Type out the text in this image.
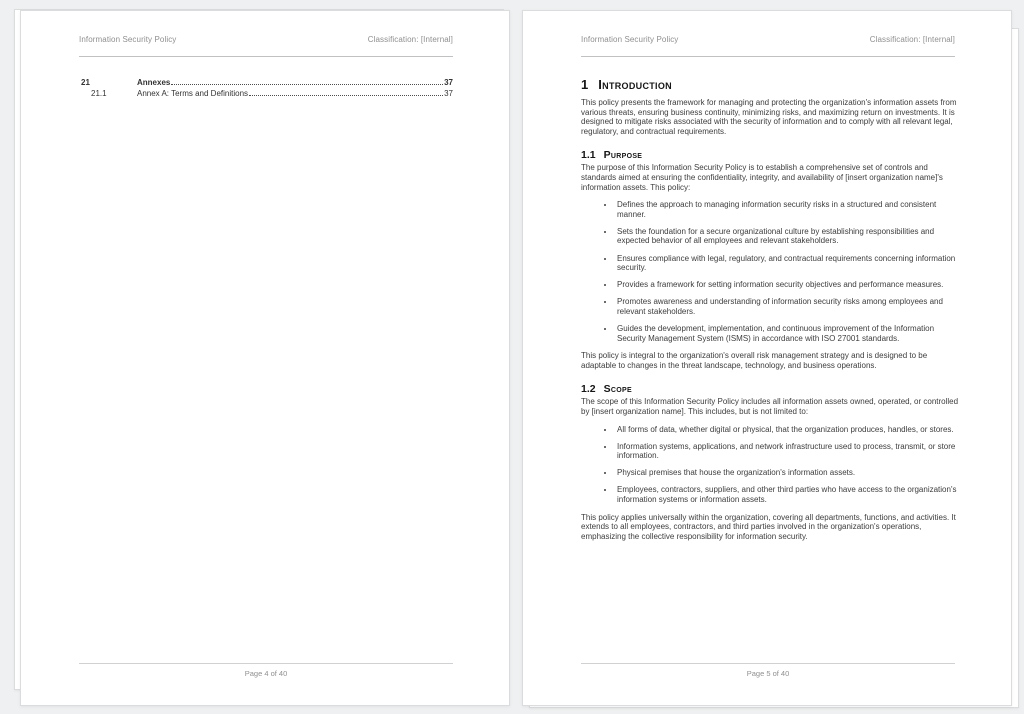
Information Security Policy	Classification: [Internal]
21	Annexes	37
21.1	Annex A: Terms and Definitions	37
Page 4 of 40
Information Security Policy	Classification: [Internal]
1 Introduction

This policy presents the framework for managing and protecting the organization's information assets from various threats, ensuring business continuity, minimizing risks, and maximizing return on investments. It is designed to mitigate risks associated with the security of information and to comply with all relevant legal, regulatory, and contractual requirements.

1.1 Purpose

The purpose of this Information Security Policy is to establish a comprehensive set of controls and standards aimed at ensuring the confidentiality, integrity, and availability of [insert organization name]'s information assets. This policy:

• Defines the approach to managing information security risks in a structured and consistent manner.
• Sets the foundation for a secure organizational culture by establishing responsibilities and expected behavior of all employees and relevant stakeholders.
• Ensures compliance with legal, regulatory, and contractual requirements concerning information security.
• Provides a framework for setting information security objectives and performance measures.
• Promotes awareness and understanding of information security risks among employees and relevant stakeholders.
• Guides the development, implementation, and continuous improvement of the Information Security Management System (ISMS) in accordance with ISO 27001 standards.

This policy is integral to the organization's overall risk management strategy and is designed to be adaptable to changes in the threat landscape, technology, and business operations.

1.2 Scope

The scope of this Information Security Policy includes all information assets owned, operated, or controlled by [insert organization name]. This includes, but is not limited to:

• All forms of data, whether digital or physical, that the organization produces, handles, or stores.
• Information systems, applications, and network infrastructure used to process, transmit, or store information.
• Physical premises that house the organization's information assets.
• Employees, contractors, suppliers, and other third parties who have access to the organization's information systems or information assets.

This policy applies universally within the organization, covering all departments, functions, and activities. It extends to all employees, contractors, and third parties involved in the organization's operations, emphasizing the collective responsibility for information security.

Page 5 of 40
